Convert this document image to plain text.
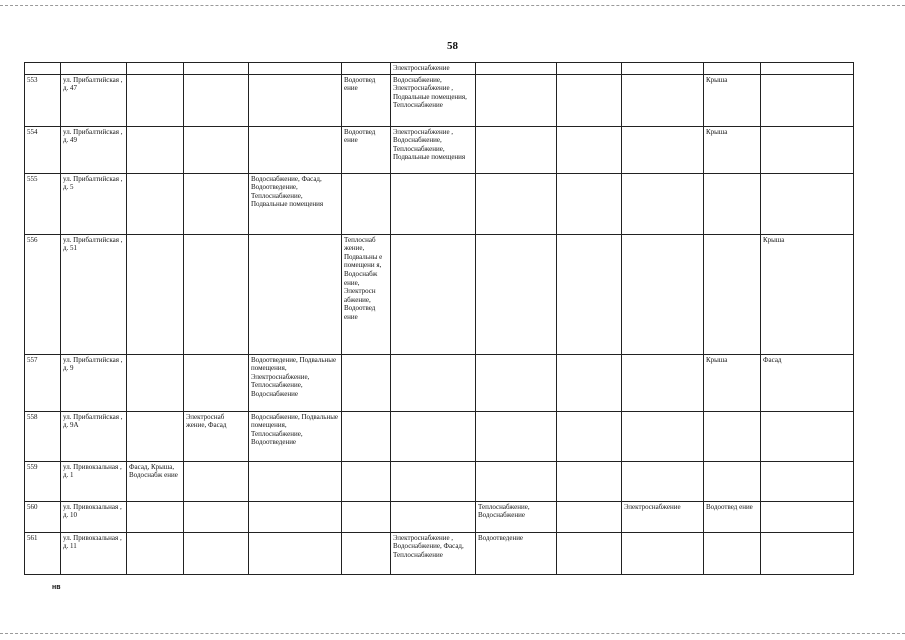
58
						Электроснабжение					
553	ул. Прибалтийская , д. 47				Водоотвед ение	Водоснабжение, Электроснабжение , Подвальные помещения, Теплоснабжение				Крыша	
554	ул. Прибалтийская , д. 49				Водоотвед ение	Электроснабжение , Водоснабжение, Теплоснабжение, Подвальные помещения				Крыша	
555	ул. Прибалтийская , д. 5			Водоснабжение, Фасад, Водоотведение, Теплоснабжение, Подвальные помещения							
556	ул. Прибалтийская , д. 51				Теплоснаб жение, Подвальны е помещени я, Водоснабж ение, Электросн абжение, Водоотвед ение						Крыша
557	ул. Прибалтийская , д. 9			Водоотведение, Подвальные помещения, Электроснабжение, Теплоснабжение, Водоснабжение						Крыша	Фасад
558	ул. Прибалтийская , д. 9А		Электроснаб жение, Фасад	Водоснабжение, Подвальные помещения, Теплоснабжение, Водоотведение							
559	ул. Привокзальная , д. 1	Фасад, Крыша, Водоснабж ение									
560	ул. Привокзальная , д. 10						Теплоснабжение, Водоснабжение		Электроснабжение	Водоотвед ение	
561	ул. Привокзальная , д. 11					Электроснабжение , Водоснабжение, Фасад, Теплоснабжение	Водоотведение				
нв
